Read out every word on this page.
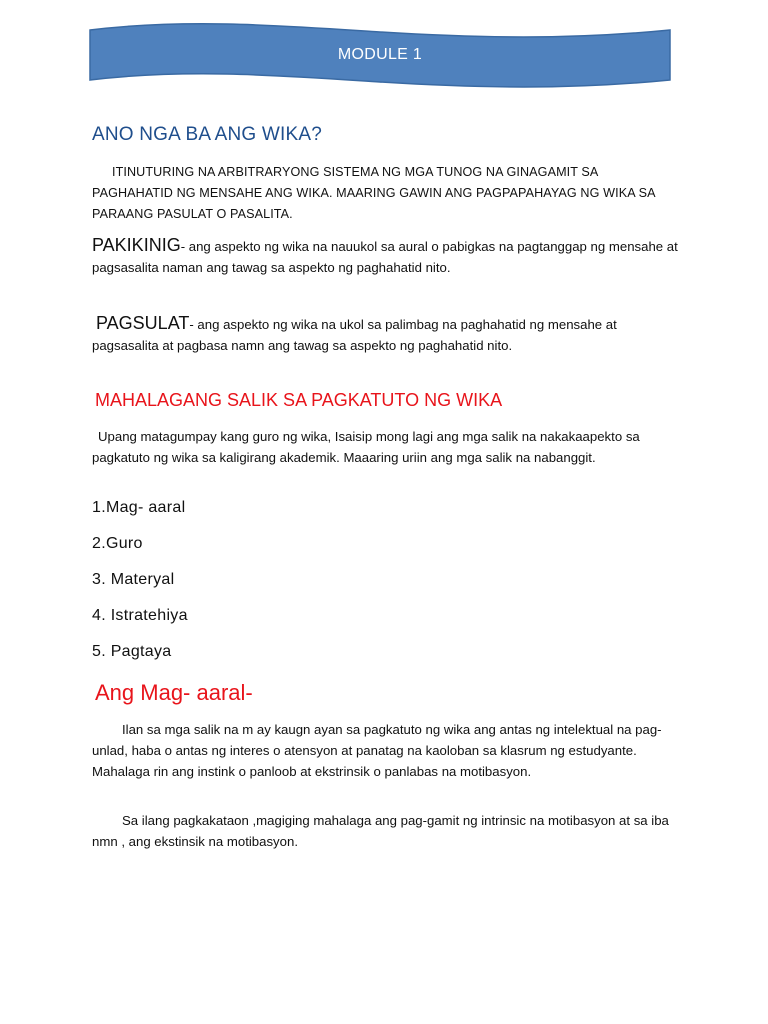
MODULE 1
ANO NGA BA ANG WIKA?

ITINUTURING NA ARBITRARYONG SISTEMA NG MGA TUNOG NA GINAGAMIT SA PAGHAHATID NG MENSAHE ANG WIKA. MAARING GAWIN ANG PAGPAPAHAYAG NG WIKA SA PARAANG PASULAT O PASALITA.

PAKIKINIG- ang aspekto ng wika na nauukol sa aural o pabigkas na pagtanggap ng mensahe at pagsasalita naman ang tawag sa aspekto ng paghahatid nito.

PAGSULAT- ang aspekto ng wika na ukol sa palimbag na paghahatid ng mensahe at pagsasalita at pagbasa namn ang tawag sa aspekto ng paghahatid nito.

MAHALAGANG SALIK SA PAGKATUTO NG WIKA

Upang matagumpay kang guro ng wika, Isaisip mong lagi ang mga salik na nakakaapekto sa pagkatuto ng wika sa kaligirang akademik. Maaaring uriin ang mga salik na nabanggit.

1.Mag- aaral
2.Guro
3. Materyal
4. Istratehiya
5. Pagtaya
Ang Mag- aaral-

Ilan sa mga salik na m ay kaugn ayan sa pagkatuto ng wika ang antas ng intelektual na pag- unlad, haba o antas ng interes o atensyon at panatag na kaoloban sa klasrum ng estudyante. Mahalaga rin ang instink o panloob at ekstrinsik o panlabas na motibasyon.

Sa ilang pagkakataon ,magiging mahalaga ang pag-gamit ng intrinsic na motibasyon at sa iba nmn , ang ekstinsik na motibasyon.
